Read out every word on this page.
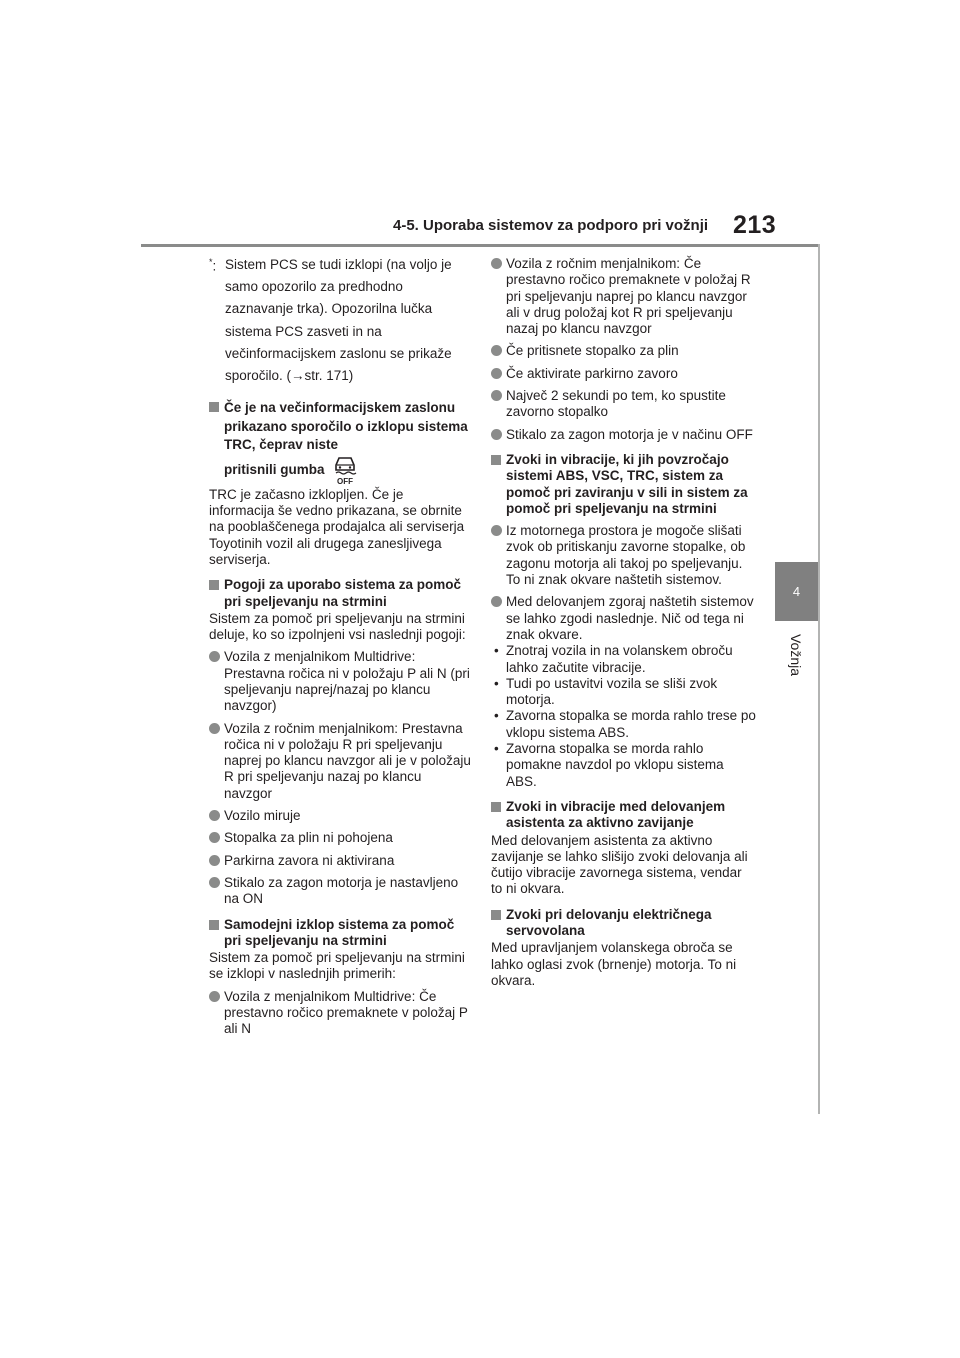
4-5. Uporaba sistemov za podporo pri vožnji 213
4
Vožnja
*: Sistem PCS se tudi izklopi (na voljo je samo opozorilo za predhodno zaznavanje trka). Opozorilna lučka sistema PCS zasveti in na večinformacijskem zaslonu se prikaže sporočilo. (→str. 171)
Če je na večinformacijskem zaslonu prikazano sporočilo o izklopu sistema TRC, čeprav niste
pritisnili gumba
OFF
TRC je začasno izklopljen. Če je informacija še vedno prikazana, se obrnite na pooblaščenega prodajalca ali serviserja Toyotinih vozil ali drugega zanesljivega serviserja.
Pogoji za uporabo sistema za pomoč pri speljevanju na strmini
Sistem za pomoč pri speljevanju na strmini deluje, ko so izpolnjeni vsi naslednji pogoji:
Vozila z menjalnikom Multidrive: Prestavna ročica ni v položaju P ali N (pri speljevanju naprej/nazaj po klancu navzgor)
Vozila z ročnim menjalnikom: Prestavna ročica ni v položaju R pri speljevanju naprej po klancu navzgor ali je v položaju R pri speljevanju nazaj po klancu navzgor
Vozilo miruje
Stopalka za plin ni pohojena
Parkirna zavora ni aktivirana
Stikalo za zagon motorja je nastavljeno na ON
Samodejni izklop sistema za pomoč pri speljevanju na strmini
Sistem za pomoč pri speljevanju na strmini se izklopi v naslednjih primerih:
Vozila z menjalnikom Multidrive: Če prestavno ročico premaknete v položaj P ali N
Vozila z ročnim menjalnikom: Če prestavno ročico premaknete v položaj R pri speljevanju naprej po klancu navzgor ali v drug položaj kot R pri speljevanju nazaj po klancu navzgor
Če pritisnete stopalko za plin
Če aktivirate parkirno zavoro
Največ 2 sekundi po tem, ko spustite zavorno stopalko
Stikalo za zagon motorja je v načinu OFF
Zvoki in vibracije, ki jih povzročajo sistemi ABS, VSC, TRC, sistem za pomoč pri zaviranju v sili in sistem za pomoč pri speljevanju na strmini
Iz motornega prostora je mogoče slišati zvok ob pritiskanju zavorne stopalke, ob zagonu motorja ali takoj po speljevanju. To ni znak okvare naštetih sistemov.
Med delovanjem zgoraj naštetih sistemov se lahko zgodi naslednje. Nič od tega ni znak okvare.
• Znotraj vozila in na volanskem obroču lahko začutite vibracije.
• Tudi po ustavitvi vozila se sliši zvok motorja.
• Zavorna stopalka se morda rahlo trese po vklopu sistema ABS.
• Zavorna stopalka se morda rahlo pomakne navzdol po vklopu sistema ABS.
Zvoki in vibracije med delovanjem asistenta za aktivno zavijanje
Med delovanjem asistenta za aktivno zavijanje se lahko slišijo zvoki delovanja ali čutijo vibracije zavornega sistema, vendar to ni okvara.
Zvoki pri delovanju električnega servovolana
Med upravljanjem volanskega obroča se lahko oglasi zvok (brnenje) motorja. To ni okvara.
